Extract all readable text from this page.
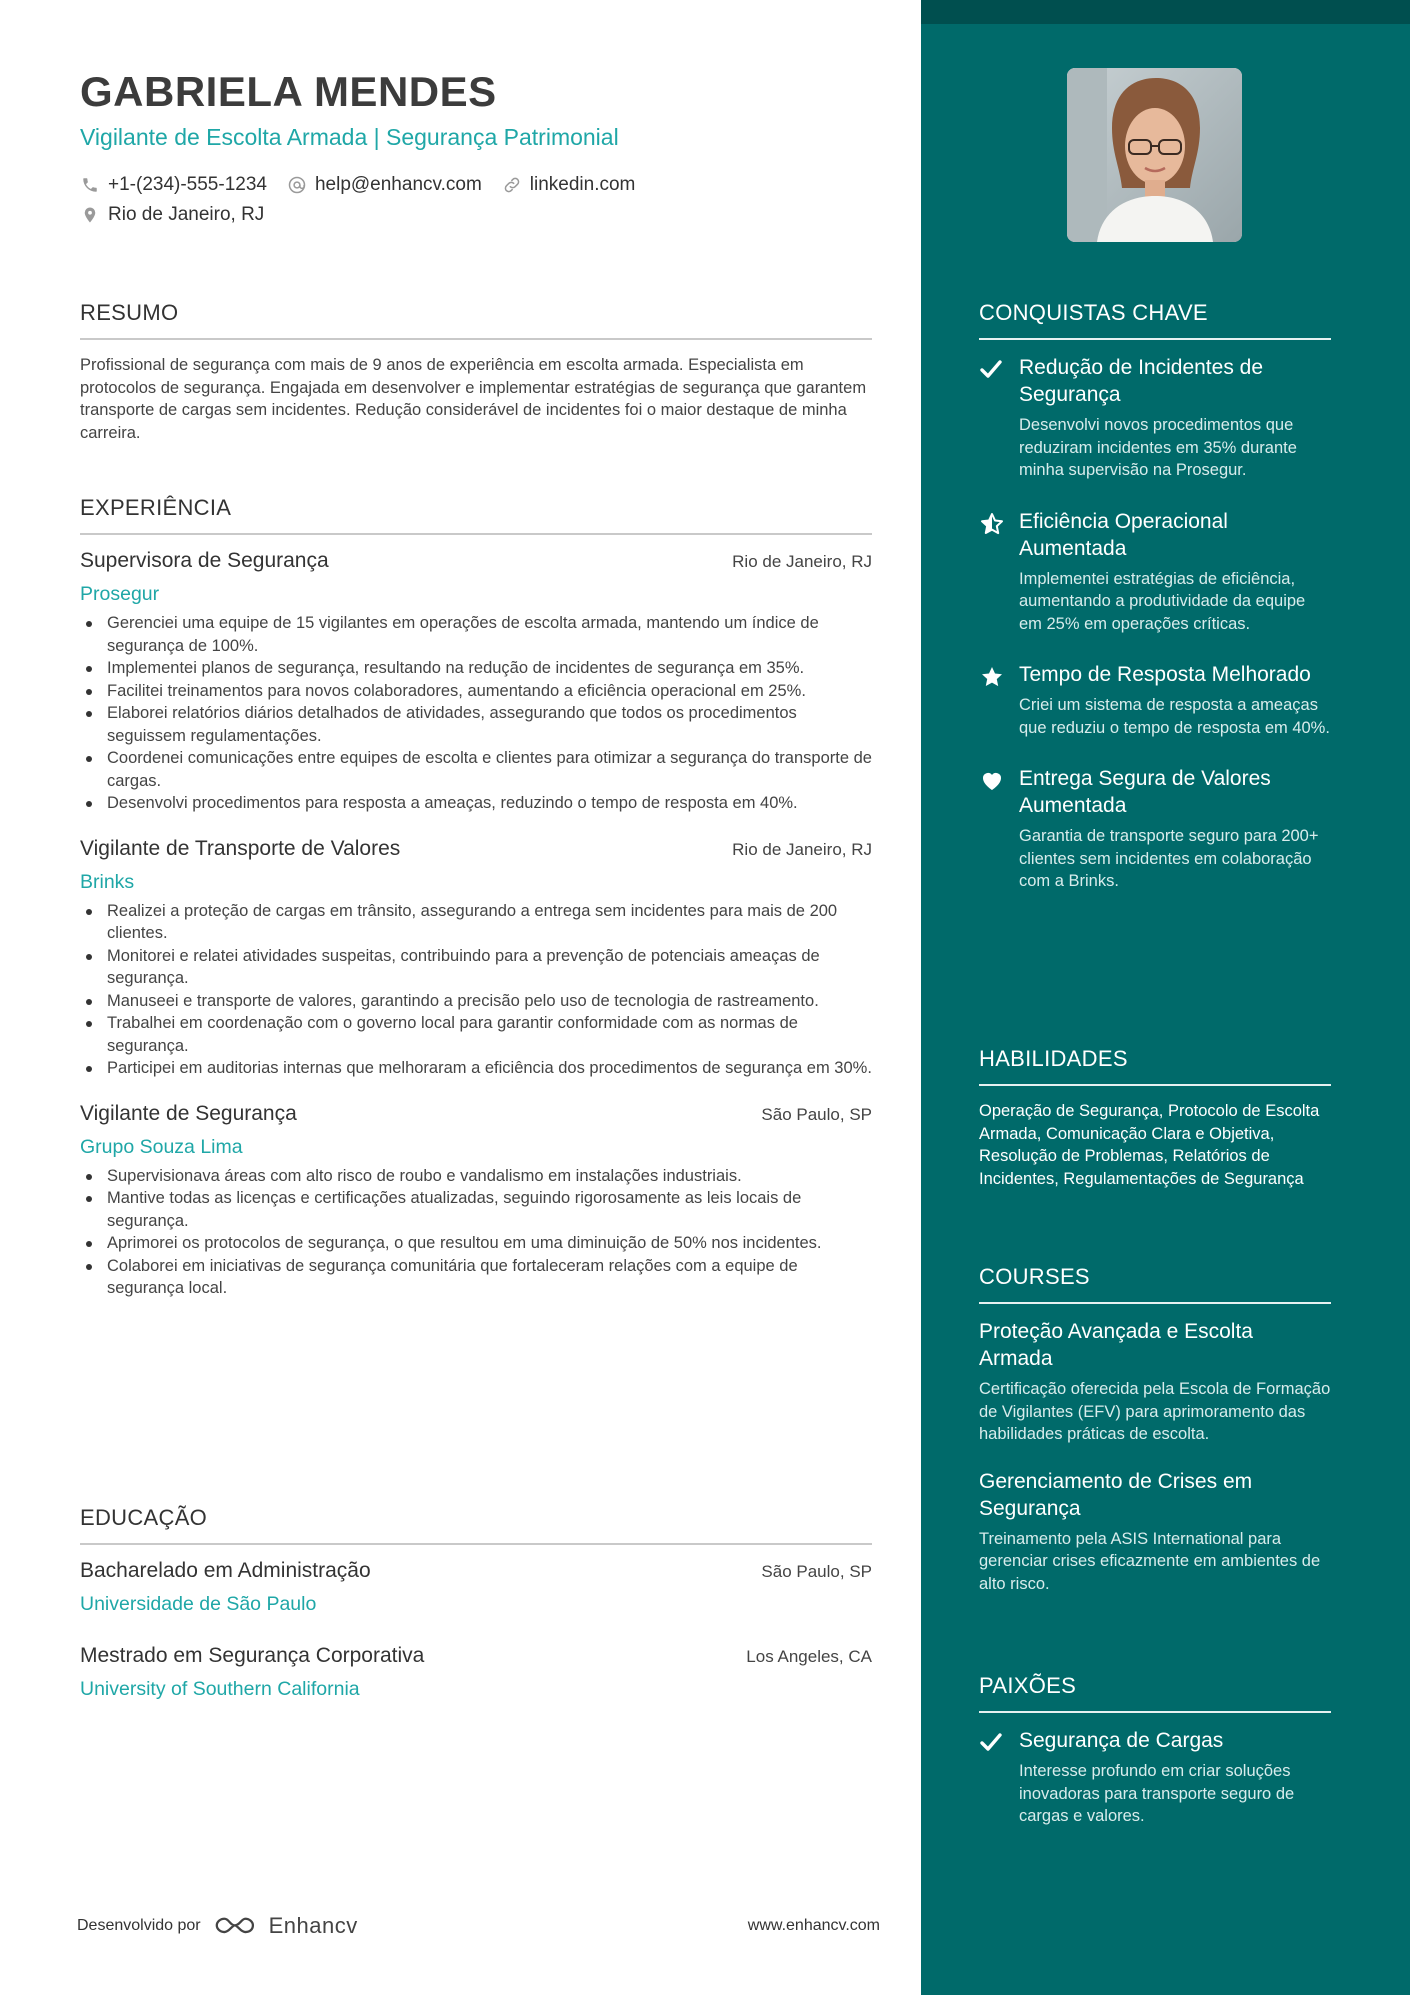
GABRIELA MENDES
Vigilante de Escolta Armada | Segurança Patrimonial
+1-(234)-555-1234	help@enhancv.com	linkedin.com
Rio de Janeiro, RJ
RESUMO
Profissional de segurança com mais de 9 anos de experiência em escolta armada. Especialista em protocolos de segurança. Engajada em desenvolver e implementar estratégias de segurança que garantem transporte de cargas sem incidentes. Redução considerável de incidentes foi o maior destaque de minha carreira.
EXPERIÊNCIA
Supervisora de Segurança	Rio de Janeiro, RJ
Prosegur
Gerenciei uma equipe de 15 vigilantes em operações de escolta armada, mantendo um índice de segurança de 100%.
Implementei planos de segurança, resultando na redução de incidentes de segurança em 35%.
Facilitei treinamentos para novos colaboradores, aumentando a eficiência operacional em 25%.
Elaborei relatórios diários detalhados de atividades, assegurando que todos os procedimentos seguissem regulamentações.
Coordenei comunicações entre equipes de escolta e clientes para otimizar a segurança do transporte de cargas.
Desenvolvi procedimentos para resposta a ameaças, reduzindo o tempo de resposta em 40%.
Vigilante de Transporte de Valores	Rio de Janeiro, RJ
Brinks
Realizei a proteção de cargas em trânsito, assegurando a entrega sem incidentes para mais de 200 clientes.
Monitorei e relatei atividades suspeitas, contribuindo para a prevenção de potenciais ameaças de segurança.
Manuseei e transporte de valores, garantindo a precisão pelo uso de tecnologia de rastreamento.
Trabalhei em coordenação com o governo local para garantir conformidade com as normas de segurança.
Participei em auditorias internas que melhoraram a eficiência dos procedimentos de segurança em 30%.
Vigilante de Segurança	São Paulo, SP
Grupo Souza Lima
Supervisionava áreas com alto risco de roubo e vandalismo em instalações industriais.
Mantive todas as licenças e certificações atualizadas, seguindo rigorosamente as leis locais de segurança.
Aprimorei os protocolos de segurança, o que resultou em uma diminuição de 50% nos incidentes.
Colaborei em iniciativas de segurança comunitária que fortaleceram relações com a equipe de segurança local.
EDUCAÇÃO
Bacharelado em Administração	São Paulo, SP
Universidade de São Paulo
Mestrado em Segurança Corporativa	Los Angeles, CA
University of Southern California
Desenvolvido por	Enhancv	www.enhancv.com
CONQUISTAS CHAVE
Redução de Incidentes de Segurança
Desenvolvi novos procedimentos que reduziram incidentes em 35% durante minha supervisão na Prosegur.
Eficiência Operacional Aumentada
Implementei estratégias de eficiência, aumentando a produtividade da equipe em 25% em operações críticas.
Tempo de Resposta Melhorado
Criei um sistema de resposta a ameaças que reduziu o tempo de resposta em 40%.
Entrega Segura de Valores Aumentada
Garantia de transporte seguro para 200+ clientes sem incidentes em colaboração com a Brinks.
HABILIDADES
Operação de Segurança, Protocolo de Escolta Armada, Comunicação Clara e Objetiva, Resolução de Problemas, Relatórios de Incidentes, Regulamentações de Segurança
COURSES
Proteção Avançada e Escolta Armada
Certificação oferecida pela Escola de Formação de Vigilantes (EFV) para aprimoramento das habilidades práticas de escolta.
Gerenciamento de Crises em Segurança
Treinamento pela ASIS International para gerenciar crises eficazmente em ambientes de alto risco.
PAIXÕES
Segurança de Cargas
Interesse profundo em criar soluções inovadoras para transporte seguro de cargas e valores.
